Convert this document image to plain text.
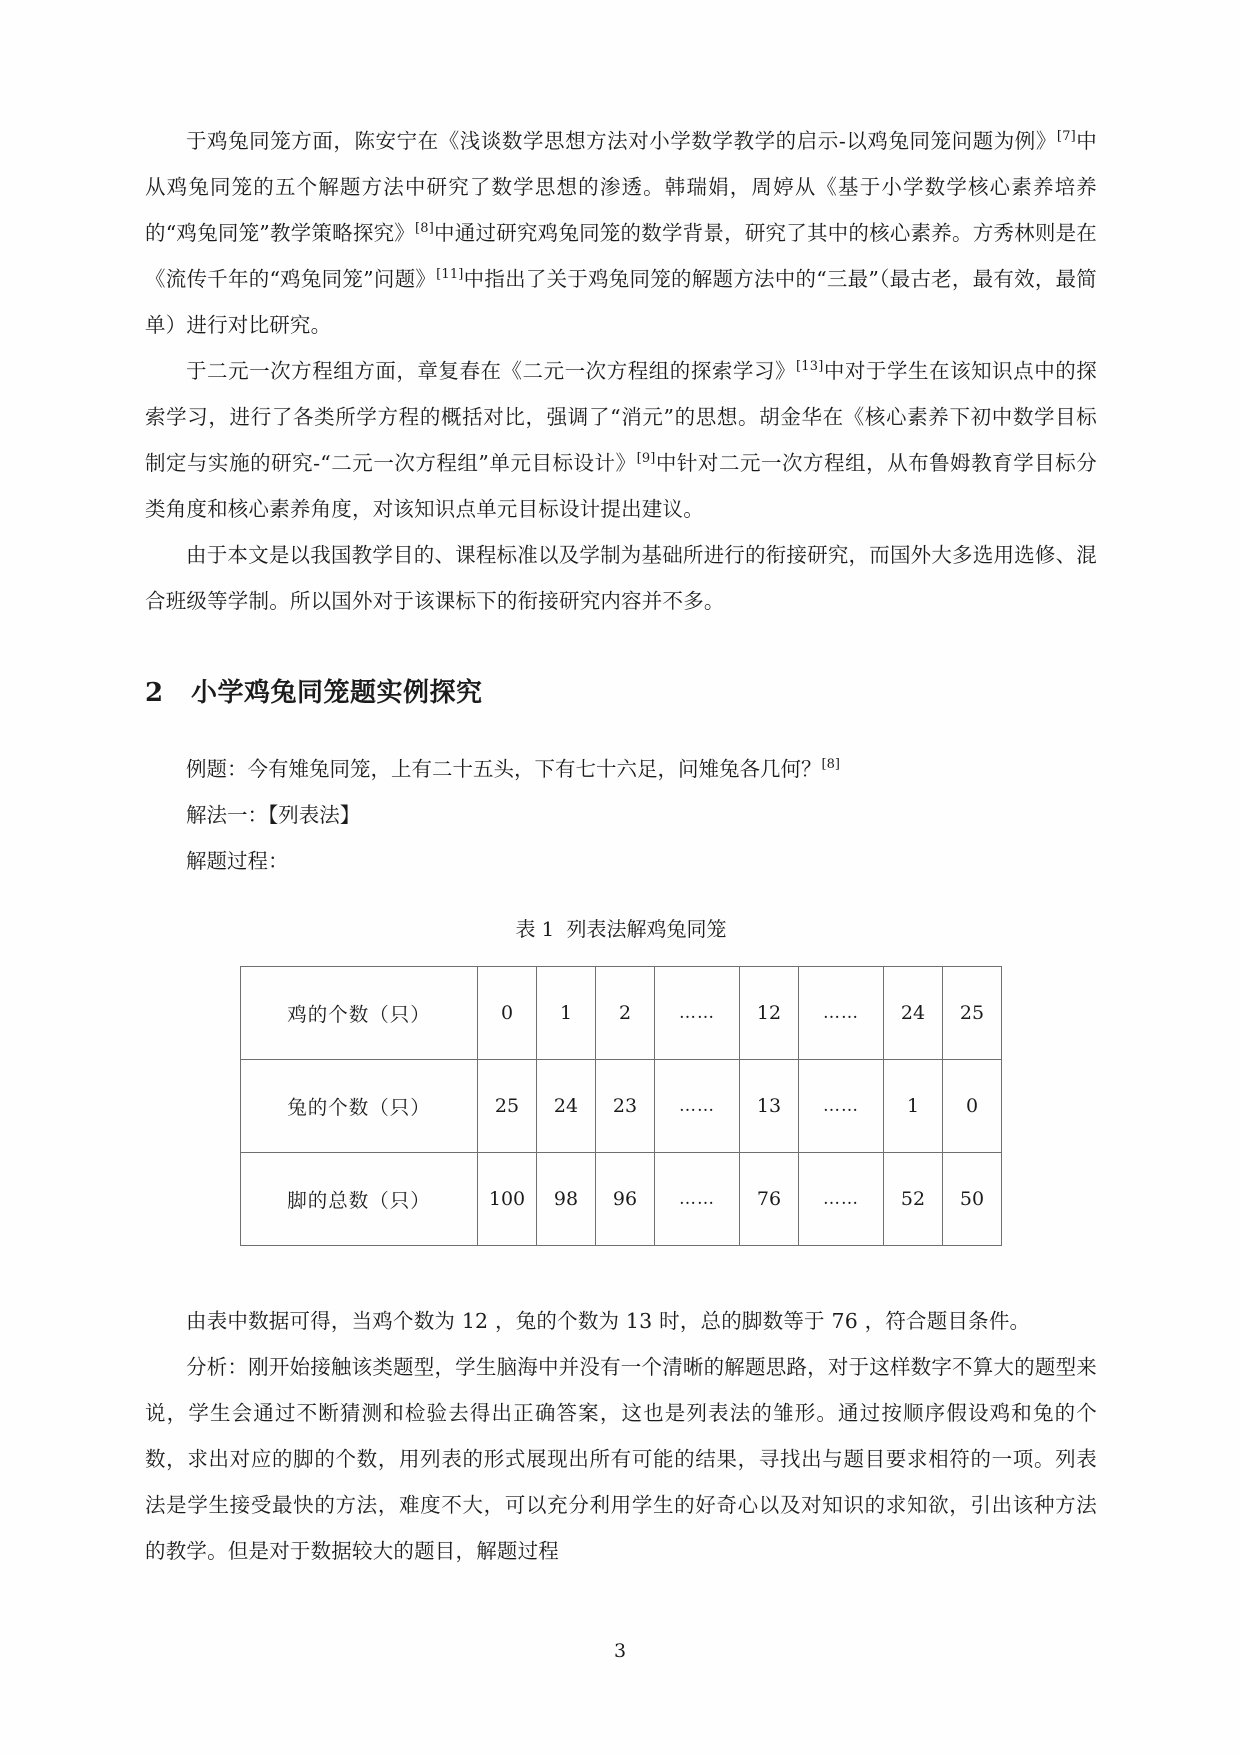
于鸡兔同笼方面，陈安宁在《浅谈数学思想方法对小学数学教学的启示-以鸡兔同笼问题为例》[7]中从鸡兔同笼的五个解题方法中研究了数学思想的渗透。韩瑞娟，周婷从《基于小学数学核心素养培养的“鸡兔同笼”教学策略探究》[8]中通过研究鸡兔同笼的数学背景，研究了其中的核心素养。方秀林则是在《流传千年的“鸡兔同笼”问题》[11]中指出了关于鸡兔同笼的解题方法中的“三最”（最古老，最有效，最简单）进行对比研究。

于二元一次方程组方面，章复春在《二元一次方程组的探索学习》[13]中对于学生在该知识点中的探索学习，进行了各类所学方程的概括对比，强调了“消元”的思想。胡金华在《核心素养下初中数学目标制定与实施的研究-“二元一次方程组”单元目标设计》[9]中针对二元一次方程组，从布鲁姆教育学目标分类角度和核心素养角度，对该知识点单元目标设计提出建议。

由于本文是以我国教学目的、课程标准以及学制为基础所进行的衔接研究，而国外大多选用选修、混合班级等学制。所以国外对于该课标下的衔接研究内容并不多。

2 小学鸡兔同笼题实例探究

例题：今有雉兔同笼，上有二十五头，下有七十六足，问雉兔各几何？[8]

解法一：【列表法】

解题过程：

表 1 列表法解鸡兔同笼
鸡的个数（只）	0	1	2	……	12	……	24	25
兔的个数（只）	25	24	23	……	13	……	1	0
脚的总数（只）	100	98	96	……	76	……	52	50

由表中数据可得，当鸡个数为 12 ，兔的个数为 13 时，总的脚数等于 76 ，符合题目条件。

分析：刚开始接触该类题型，学生脑海中并没有一个清晰的解题思路，对于这样数字不算大的题型来说，学生会通过不断猜测和检验去得出正确答案，这也是列表法的雏形。通过按顺序假设鸡和兔的个数，求出对应的脚的个数，用列表的形式展现出所有可能的结果，寻找出与题目要求相符的一项。列表法是学生接受最快的方法，难度不大，可以充分利用学生的好奇心以及对知识的求知欲，引出该种方法的教学。但是对于数据较大的题目，解题过程

3
